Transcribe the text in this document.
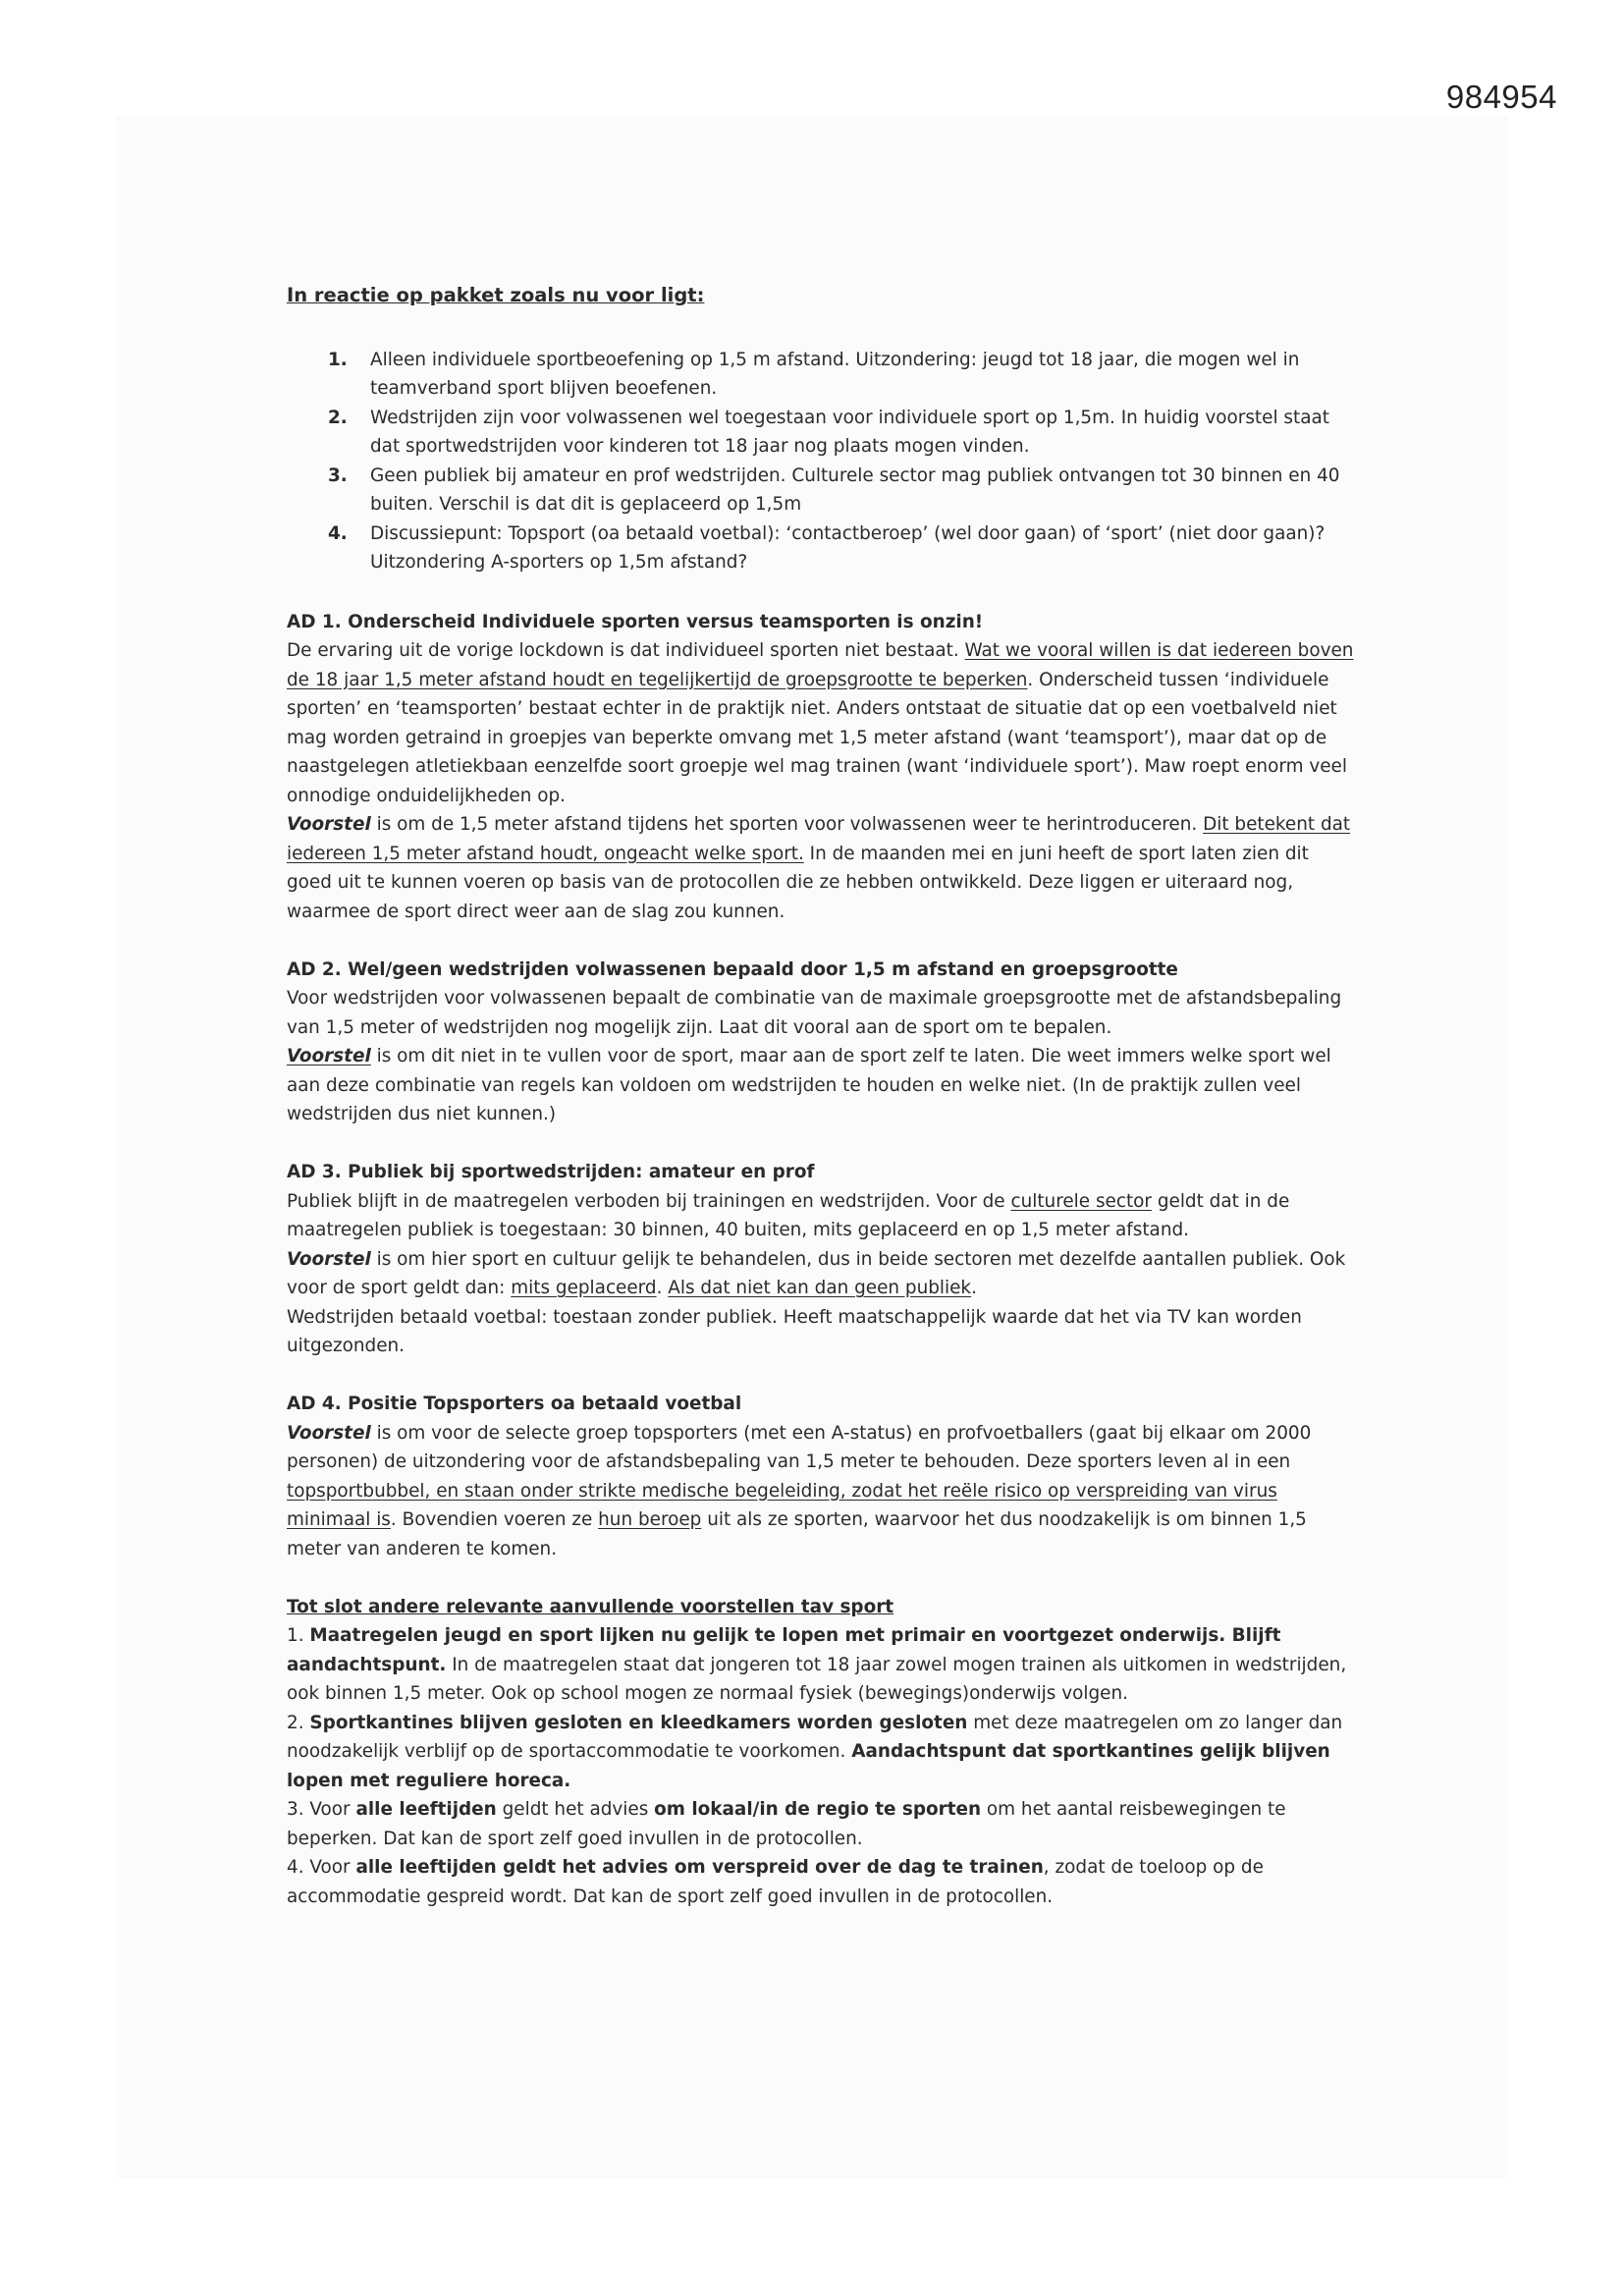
984954

In reactie op pakket zoals nu voor ligt:

1. Alleen individuele sportbeoefening op 1,5 m afstand. Uitzondering: jeugd tot 18 jaar, die mogen wel in teamverband sport blijven beoefenen.
2. Wedstrijden zijn voor volwassenen wel toegestaan voor individuele sport op 1,5m. In huidig voorstel staat dat sportwedstrijden voor kinderen tot 18 jaar nog plaats mogen vinden.
3. Geen publiek bij amateur en prof wedstrijden. Culturele sector mag publiek ontvangen tot 30 binnen en 40 buiten. Verschil is dat dit is geplaceerd op 1,5m
4. Discussiepunt: Topsport (oa betaald voetbal): ‘contactberoep’ (wel door gaan) of ‘sport’ (niet door gaan)? Uitzondering A-sporters op 1,5m afstand?

AD 1. Onderscheid Individuele sporten versus teamsporten is onzin!

De ervaring uit de vorige lockdown is dat individueel sporten niet bestaat. Wat we vooral willen is dat iedereen boven de 18 jaar 1,5 meter afstand houdt en tegelijkertijd de groepsgrootte te beperken. Onderscheid tussen ‘individuele sporten’ en ‘teamsporten’ bestaat echter in de praktijk niet. Anders ontstaat de situatie dat op een voetbalveld niet mag worden getraind in groepjes van beperkte omvang met 1,5 meter afstand (want ‘teamsport’), maar dat op de naastgelegen atletiekbaan eenzelfde soort groepje wel mag trainen (want ‘individuele sport’). Maw roept enorm veel onnodige onduidelijkheden op.

Voorstel is om de 1,5 meter afstand tijdens het sporten voor volwassenen weer te herintroduceren. Dit betekent dat iedereen 1,5 meter afstand houdt, ongeacht welke sport. In de maanden mei en juni heeft de sport laten zien dit goed uit te kunnen voeren op basis van de protocollen die ze hebben ontwikkeld. Deze liggen er uiteraard nog, waarmee de sport direct weer aan de slag zou kunnen.

AD 2. Wel/geen wedstrijden volwassenen bepaald door 1,5 m afstand en groepsgrootte

Voor wedstrijden voor volwassenen bepaalt de combinatie van de maximale groepsgrootte met de afstandsbepaling van 1,5 meter of wedstrijden nog mogelijk zijn. Laat dit vooral aan de sport om te bepalen.

Voorstel is om dit niet in te vullen voor de sport, maar aan de sport zelf te laten. Die weet immers welke sport wel aan deze combinatie van regels kan voldoen om wedstrijden te houden en welke niet. (In de praktijk zullen veel wedstrijden dus niet kunnen.)

AD 3. Publiek bij sportwedstrijden: amateur en prof

Publiek blijft in de maatregelen verboden bij trainingen en wedstrijden. Voor de culturele sector geldt dat in de maatregelen publiek is toegestaan: 30 binnen, 40 buiten, mits geplaceerd en op 1,5 meter afstand.

Voorstel is om hier sport en cultuur gelijk te behandelen, dus in beide sectoren met dezelfde aantallen publiek. Ook voor de sport geldt dan: mits geplaceerd. Als dat niet kan dan geen publiek.

Wedstrijden betaald voetbal: toestaan zonder publiek. Heeft maatschappelijk waarde dat het via TV kan worden uitgezonden.

AD 4. Positie Topsporters oa betaald voetbal

Voorstel is om voor de selecte groep topsporters (met een A-status) en profvoetballers (gaat bij elkaar om 2000 personen) de uitzondering voor de afstandsbepaling van 1,5 meter te behouden. Deze sporters leven al in een topsportbubbel, en staan onder strikte medische begeleiding, zodat het reële risico op verspreiding van virus minimaal is. Bovendien voeren ze hun beroep uit als ze sporten, waarvoor het dus noodzakelijk is om binnen 1,5 meter van anderen te komen.

Tot slot andere relevante aanvullende voorstellen tav sport

1. Maatregelen jeugd en sport lijken nu gelijk te lopen met primair en voortgezet onderwijs. Blijft aandachtspunt. In de maatregelen staat dat jongeren tot 18 jaar zowel mogen trainen als uitkomen in wedstrijden, ook binnen 1,5 meter. Ook op school mogen ze normaal fysiek (bewegings)onderwijs volgen.

2. Sportkantines blijven gesloten en kleedkamers worden gesloten met deze maatregelen om zo langer dan noodzakelijk verblijf op de sportaccommodatie te voorkomen. Aandachtspunt dat sportkantines gelijk blijven lopen met reguliere horeca.

3. Voor alle leeftijden geldt het advies om lokaal/in de regio te sporten om het aantal reisbewegingen te beperken. Dat kan de sport zelf goed invullen in de protocollen.

4. Voor alle leeftijden geldt het advies om verspreid over de dag te trainen, zodat de toeloop op de accommodatie gespreid wordt. Dat kan de sport zelf goed invullen in de protocollen.
